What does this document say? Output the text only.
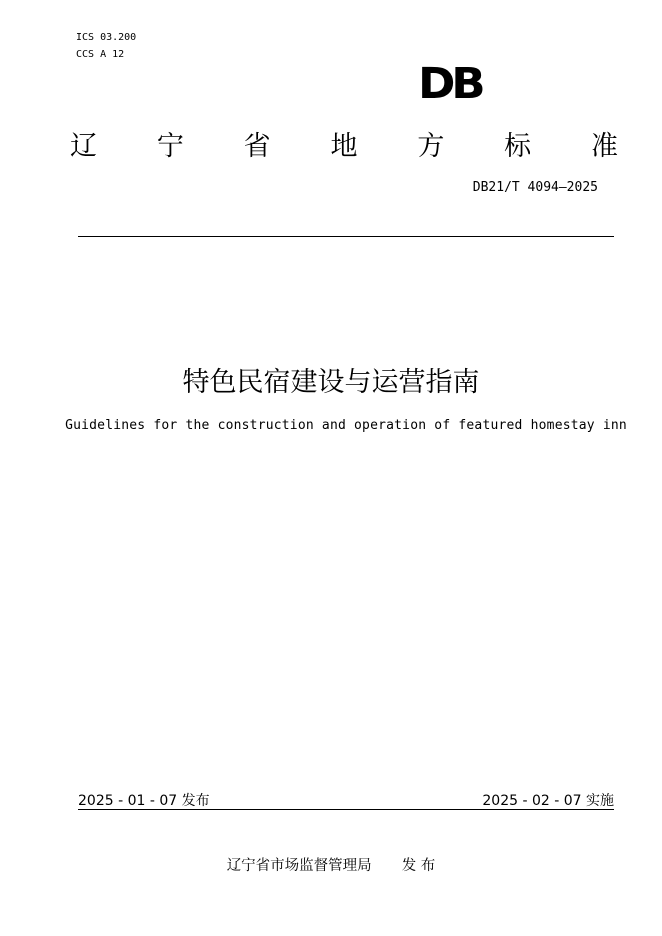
ICS 03.200
CCS A 12
DB
辽 宁 省 地 方 标 准
DB21/T 4094—2025
特色民宿建设与运营指南
Guidelines for the construction and operation of featured homestay inn
2025 - 01 - 07 发布	2025 - 02 - 07 实施
辽宁省市场监督管理局 发 布
